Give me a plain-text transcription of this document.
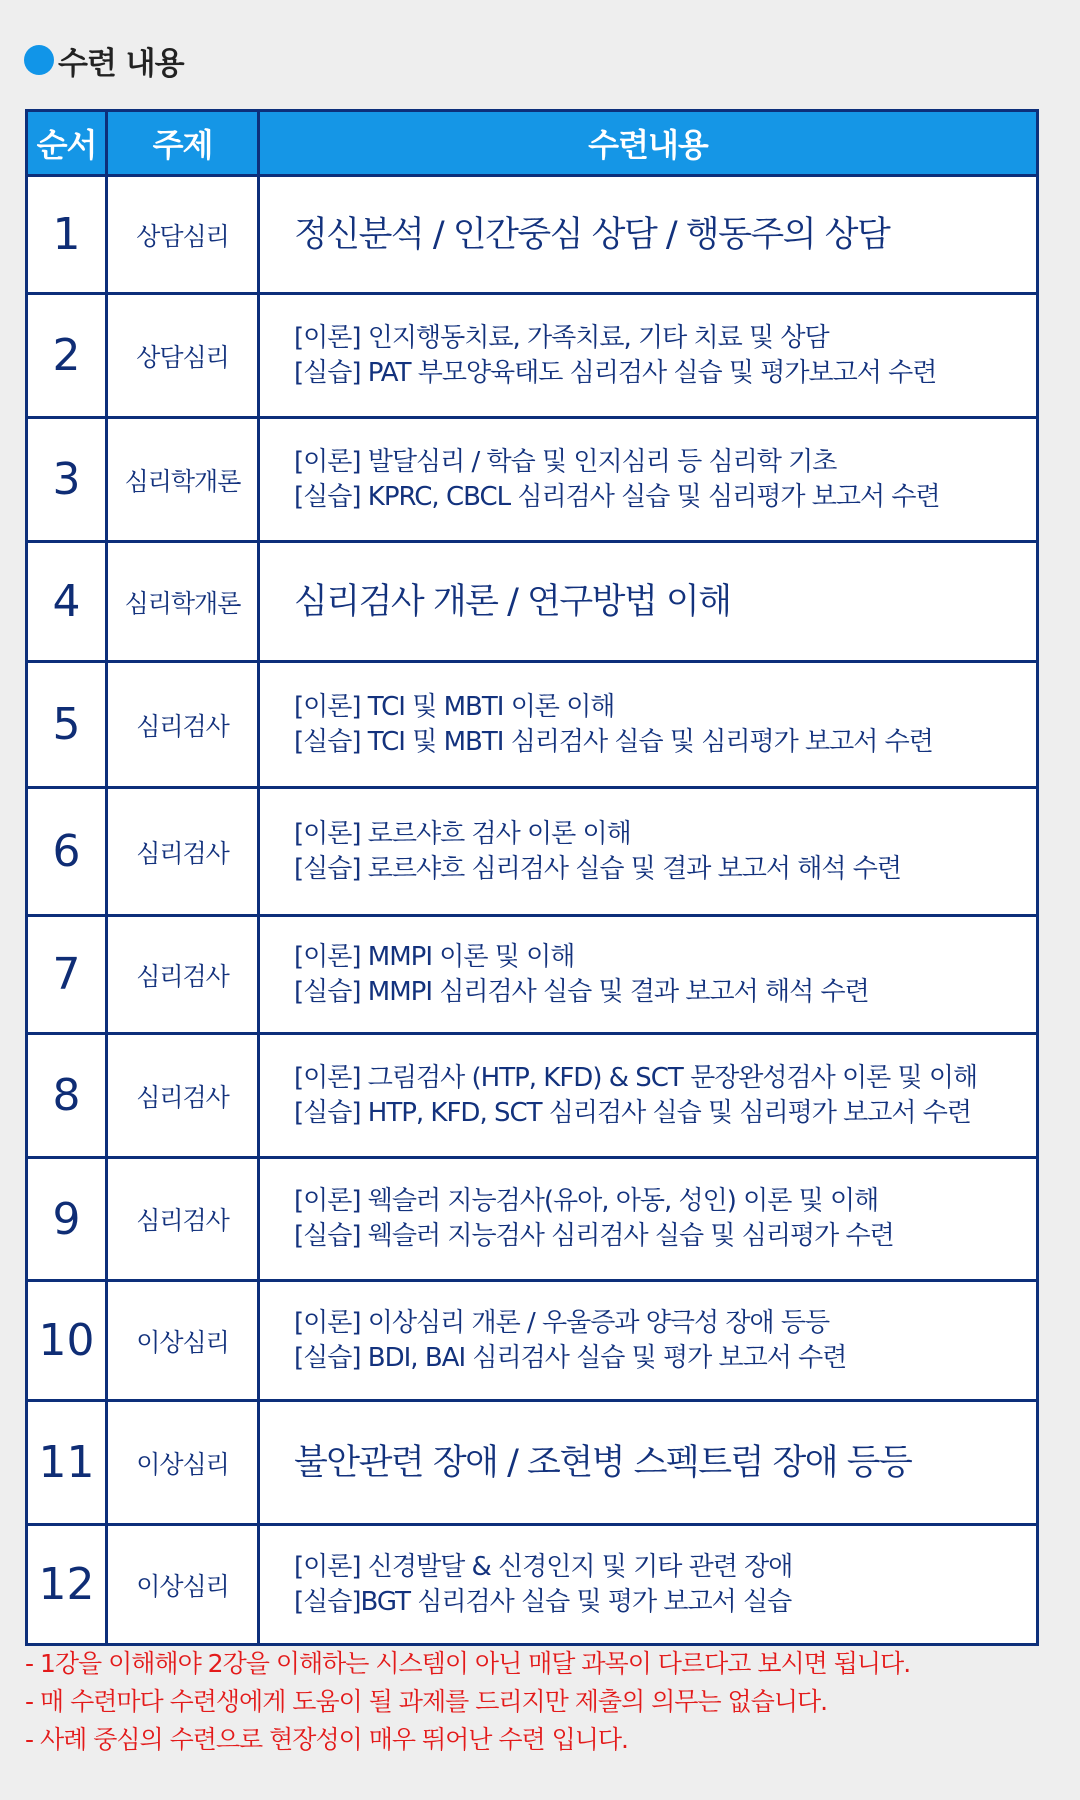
수련 내용
순서	주제	수련내용
1	상담심리	정신분석 / 인간중심 상담 / 행동주의 상담

2	상담심리	[이론] 인지행동치료, 가족치료, 기타 치료 및 상담
[실습] PAT 부모양육태도 심리검사 실습 및 평가보고서 수련

3	심리학개론	[이론] 발달심리 / 학습 및 인지심리 등 심리학 기초
[실습] KPRC, CBCL 심리검사 실습 및 심리평가 보고서 수련

4	심리학개론	심리검사 개론 / 연구방법 이해

5	심리검사	[이론] TCI 및 MBTI 이론 이해
[실습] TCI 및 MBTI 심리검사 실습 및 심리평가 보고서 수련

6	심리검사	[이론] 로르샤흐 검사 이론 이해
[실습] 로르샤흐 심리검사 실습 및 결과 보고서 해석 수련

7	심리검사	[이론] MMPI 이론 및 이해
[실습] MMPI 심리검사 실습 및 결과 보고서 해석 수련

8	심리검사	[이론] 그림검사 (HTP, KFD) & SCT 문장완성검사 이론 및 이해
[실습] HTP, KFD, SCT 심리검사 실습 및 심리평가 보고서 수련

9	심리검사	[이론] 웩슬러 지능검사(유아, 아동, 성인) 이론 및 이해
[실습] 웩슬러 지능검사 심리검사 실습 및 심리평가 수련

10	이상심리	[이론] 이상심리 개론 / 우울증과 양극성 장애 등등
[실습] BDI, BAI 심리검사 실습 및 평가 보고서 수련

11	이상심리	불안관련 장애 / 조현병 스펙트럼 장애 등등

12	이상심리	[이론] 신경발달 & 신경인지 및 기타 관련 장애
[실습]BGT 심리검사 실습 및 평가 보고서 실습
- 1강을 이해해야 2강을 이해하는 시스템이 아닌 매달 과목이 다르다고 보시면 됩니다.
- 매 수련마다 수련생에게 도움이 될 과제를 드리지만 제출의 의무는 없습니다.
- 사례 중심의 수련으로 현장성이 매우 뛰어난 수련 입니다.
